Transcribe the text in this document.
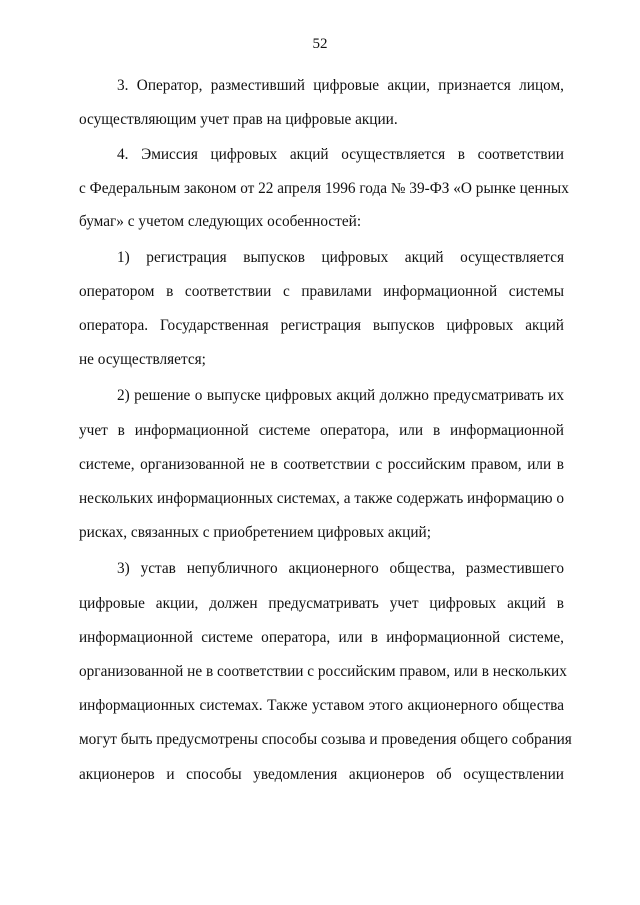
52
3. Оператор, разместивший цифровые акции, признается лицом,
осуществляющим учет прав на цифровые акции.
4. Эмиссия цифровых акций осуществляется в соответствии
с Федеральным законом от 22 апреля 1996 года № 39-ФЗ «О рынке ценных
бумаг» с учетом следующих особенностей:
1) регистрация выпусков цифровых акций осуществляется
оператором в соответствии с правилами информационной системы
оператора. Государственная регистрация выпусков цифровых акций
не осуществляется;
2) решение о выпуске цифровых акций должно предусматривать их
учет в информационной системе оператора, или в информационной
системе, организованной не в соответствии с российским правом, или в
нескольких информационных системах, а также содержать информацию о
рисках, связанных с приобретением цифровых акций;
3) устав непубличного акционерного общества, разместившего
цифровые акции, должен предусматривать учет цифровых акций в
информационной системе оператора, или в информационной системе,
организованной не в соответствии с российским правом, или в нескольких
информационных системах. Также уставом этого акционерного общества
могут быть предусмотрены способы созыва и проведения общего собрания
акционеров и способы уведомления акционеров об осуществлении
